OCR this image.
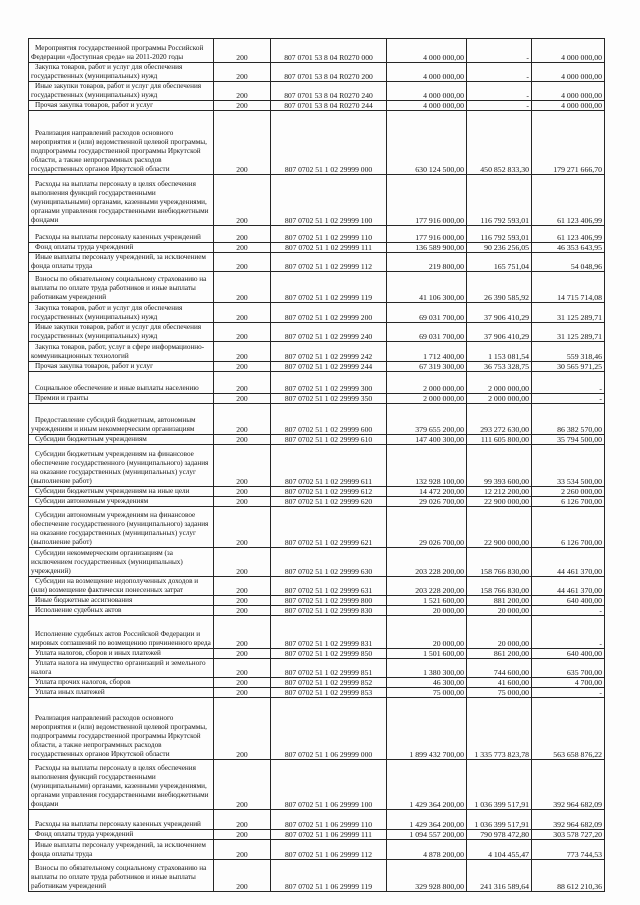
Мероприятия государственной программы Российской Федерации «Доступная среда» на 2011-2020 годы	200	807 0701 53 8 04 R0270 000	4 000 000,00	-	4 000 000,00
Закупка товаров, работ и услуг для обеспечения государственных (муниципальных) нужд	200	807 0701 53 8 04 R0270 200	4 000 000,00	-	4 000 000,00
Иные закупки товаров, работ и услуг для обеспечения государственных (муниципальных) нужд	200	807 0701 53 8 04 R0270 240	4 000 000,00	-	4 000 000,00
Прочая закупка товаров, работ и услуг	200	807 0701 53 8 04 R0270 244	4 000 000,00	-	4 000 000,00
Реализация направлений расходов основного мероприятия и (или) ведомственной целевой программы, подпрограммы государственной программы Иркутской области, а также непрограммных расходов государственных органов Иркутской области	200	807 0702 51 1 02 29999 000	630 124 500,00	450 852 833,30	179 271 666,70
Расходы на выплаты персоналу в целях обеспечения выполнения функций государственными (муниципальными) органами, казенными учреждениями, органами управления государственными внебюджетными фондами	200	807 0702 51 1 02 29999 100	177 916 000,00	116 792 593,01	61 123 406,99
Расходы на выплаты персоналу казенных учреждений	200	807 0702 51 1 02 29999 110	177 916 000,00	116 792 593,01	61 123 406,99
Фонд оплаты труда учреждений	200	807 0702 51 1 02 29999 111	136 589 900,00	90 236 256,05	46 353 643,95
Иные выплаты персоналу учреждений, за исключением фонда оплаты труда	200	807 0702 51 1 02 29999 112	219 800,00	165 751,04	54 048,96
Взносы по обязательному социальному страхованию на выплаты по оплате труда работников и иные выплаты работникам учреждений	200	807 0702 51 1 02 29999 119	41 106 300,00	26 390 585,92	14 715 714,08
Закупка товаров, работ и услуг для обеспечения государственных (муниципальных) нужд	200	807 0702 51 1 02 29999 200	69 031 700,00	37 906 410,29	31 125 289,71
Иные закупки товаров, работ и услуг для обеспечения государственных (муниципальных) нужд	200	807 0702 51 1 02 29999 240	69 031 700,00	37 906 410,29	31 125 289,71
Закупка товаров, работ, услуг в сфере информационно-коммуникационных технологий	200	807 0702 51 1 02 29999 242	1 712 400,00	1 153 081,54	559 318,46
Прочая закупка товаров, работ и услуг	200	807 0702 51 1 02 29999 244	67 319 300,00	36 753 328,75	30 565 971,25
Социальное обеспечение и иные выплаты населению	200	807 0702 51 1 02 29999 300	2 000 000,00	2 000 000,00	-
Премии и гранты	200	807 0702 51 1 02 29999 350	2 000 000,00	2 000 000,00	-
Предоставление субсидий бюджетным, автономным учреждениям и иным некоммерческим организациям	200	807 0702 51 1 02 29999 600	379 655 200,00	293 272 630,00	86 382 570,00
Субсидии бюджетным учреждениям	200	807 0702 51 1 02 29999 610	147 400 300,00	111 605 800,00	35 794 500,00
Субсидии бюджетным учреждениям на финансовое обеспечение государственного (муниципального) задания на оказание государственных (муниципальных) услуг (выполнение работ)	200	807 0702 51 1 02 29999 611	132 928 100,00	99 393 600,00	33 534 500,00
Субсидии бюджетным учреждениям на иные цели	200	807 0702 51 1 02 29999 612	14 472 200,00	12 212 200,00	2 260 000,00
Субсидии автономным учреждениям	200	807 0702 51 1 02 29999 620	29 026 700,00	22 900 000,00	6 126 700,00
Субсидии автономным учреждениям на финансовое обеспечение государственного (муниципального) задания на оказание государственных (муниципальных) услуг (выполнение работ)	200	807 0702 51 1 02 29999 621	29 026 700,00	22 900 000,00	6 126 700,00
Субсидии некоммерческим организациям (за исключением государственных (муниципальных) учреждений)	200	807 0702 51 1 02 29999 630	203 228 200,00	158 766 830,00	44 461 370,00
Субсидии на возмещение недополученных доходов и (или) возмещение фактически понесенных затрат	200	807 0702 51 1 02 29999 631	203 228 200,00	158 766 830,00	44 461 370,00
Иные бюджетные ассигнования	200	807 0702 51 1 02 29999 800	1 521 600,00	881 200,00	640 400,00
Исполнение судебных актов	200	807 0702 51 1 02 29999 830	20 000,00	20 000,00	-
Исполнение судебных актов Российской Федерации и мировых соглашений по возмещению причиненного вреда	200	807 0702 51 1 02 29999 831	20 000,00	20 000,00	-
Уплата налогов, сборов и иных платежей	200	807 0702 51 1 02 29999 850	1 501 600,00	861 200,00	640 400,00
Уплата налога на имущество организаций и земельного налога	200	807 0702 51 1 02 29999 851	1 380 300,00	744 600,00	635 700,00
Уплата прочих налогов, сборов	200	807 0702 51 1 02 29999 852	46 300,00	41 600,00	4 700,00
Уплата иных платежей	200	807 0702 51 1 02 29999 853	75 000,00	75 000,00	-
Реализация направлений расходов основного мероприятия и (или) ведомственной целевой программы, подпрограммы государственной программы Иркутской области, а также непрограммных расходов государственных органов Иркутской области	200	807 0702 51 1 06 29999 000	1 899 432 700,00	1 335 773 823,78	563 658 876,22
Расходы на выплаты персоналу в целях обеспечения выполнения функций государственными (муниципальными) органами, казенными учреждениями, органами управления государственными внебюджетными фондами	200	807 0702 51 1 06 29999 100	1 429 364 200,00	1 036 399 517,91	392 964 682,09
Расходы на выплаты персоналу казенных учреждений	200	807 0702 51 1 06 29999 110	1 429 364 200,00	1 036 399 517,91	392 964 682,09
Фонд оплаты труда учреждений	200	807 0702 51 1 06 29999 111	1 094 557 200,00	790 978 472,80	303 578 727,20
Иные выплаты персоналу учреждений, за исключением фонда оплаты труда	200	807 0702 51 1 06 29999 112	4 878 200,00	4 104 455,47	773 744,53
Взносы по обязательному социальному страхованию на выплаты по оплате труда работников и иные выплаты работникам учреждений	200	807 0702 51 1 06 29999 119	329 928 800,00	241 316 589,64	88 612 210,36
